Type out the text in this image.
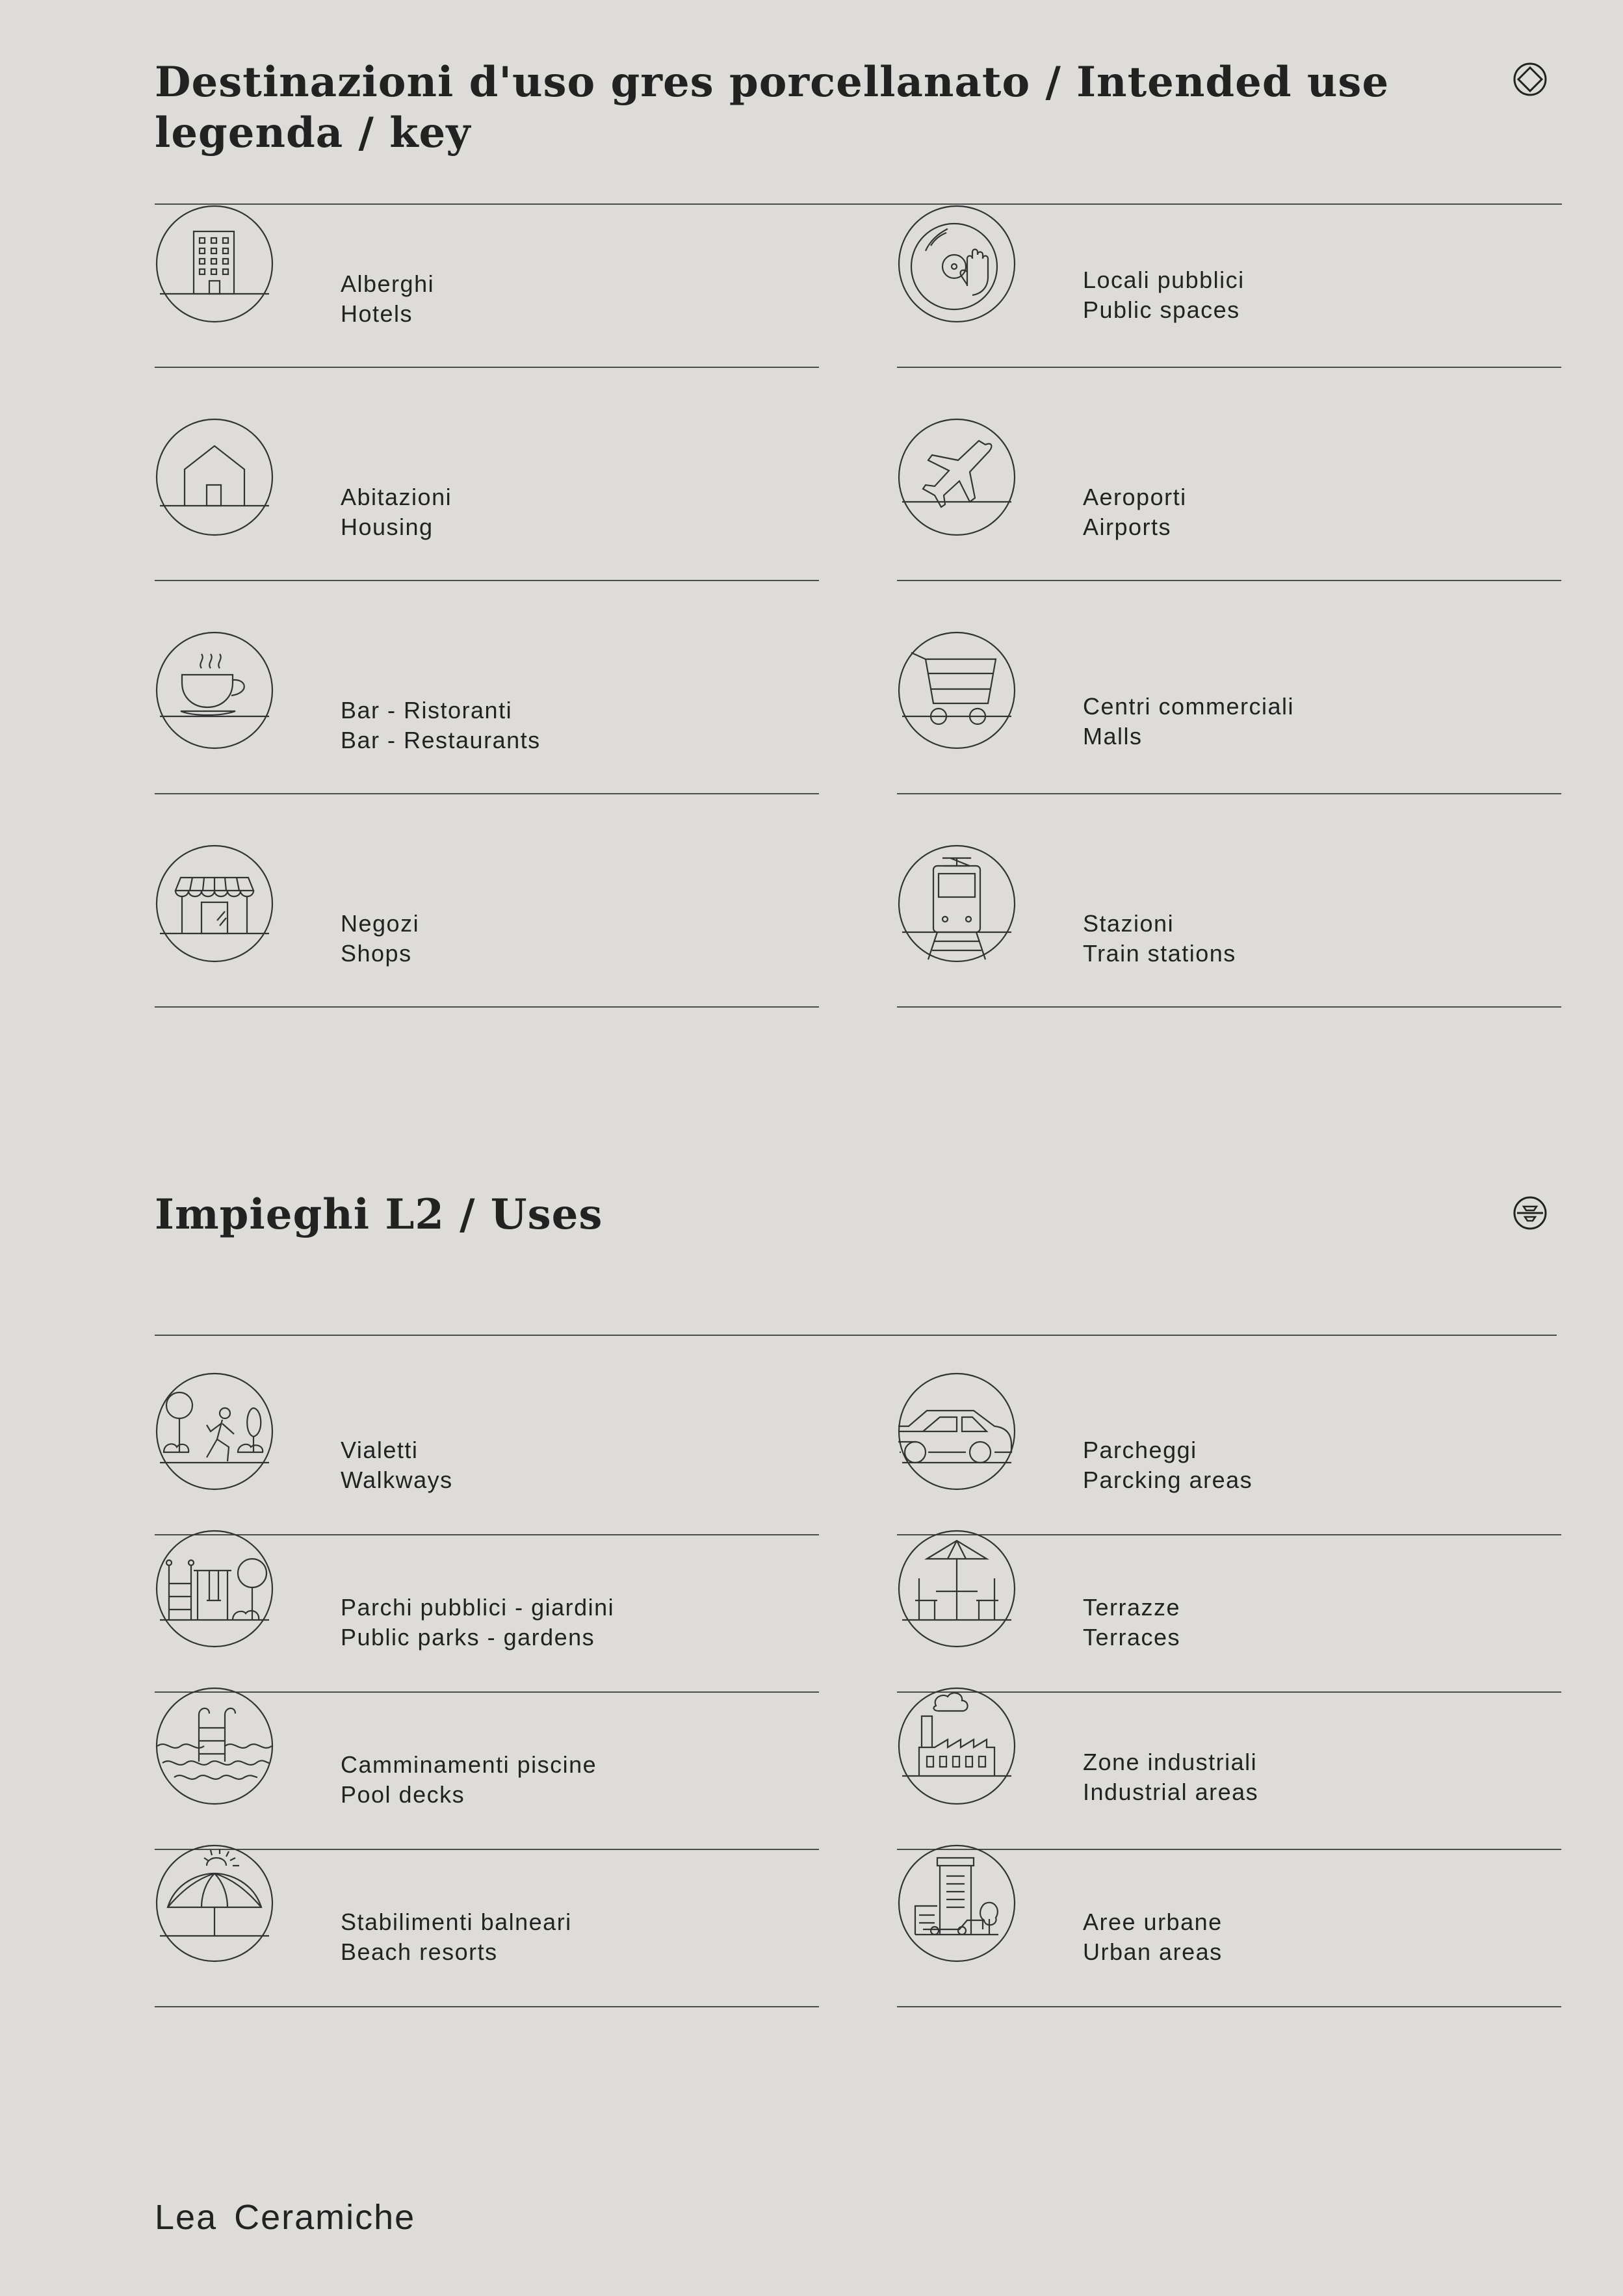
Destinazioni d'uso gres porcellanato / Intended use
legenda / key
Alberghi
Hotels
Abitazioni
Housing
Bar - Ristoranti
Bar - Restaurants
Negozi
Shops
Locali pubblici
Public spaces
Aeroporti
Airports
Centri commerciali
Malls
Stazioni
Train stations
Impieghi L2 / Uses
Vialetti
Walkways
Parchi pubblici - giardini
Public parks - gardens
Camminamenti piscine
Pool decks
Stabilimenti balneari
Beach resorts
Parcheggi
Parcking areas
Terrazze
Terraces
Zone industriali
Industrial areas
Aree urbane
Urban areas
Lea Ceramiche
